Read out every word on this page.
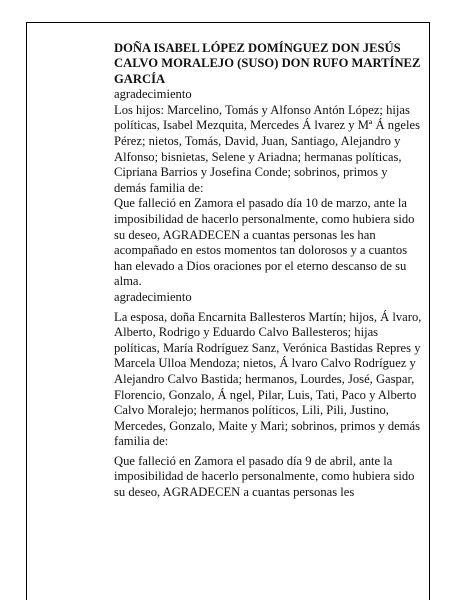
DOÑA ISABEL LÓPEZ DOMÍNGUEZ DON JESÚS CALVO MORALEJO (SUSO) DON RUFO MARTÍNEZ GARCÍA

agradecimiento

Los hijos: Marcelino, Tomás y Alfonso Antón López; hijas políticas, Isabel Mezquita, Mercedes Á lvarez y Mª Á ngeles Pérez; nietos, Tomás, David, Juan, Santiago, Alejandro y Alfonso; bisnietas, Selene y Ariadna; hermanas políticas, Cipriana Barrios y Josefina Conde; sobrinos, primos y demás familia de:

Que falleció en Zamora el pasado día 10 de marzo, ante la imposibilidad de hacerlo personalmente, como hubiera sido su deseo, AGRADECEN a cuantas personas les han acompañado en estos momentos tan dolorosos y a cuantos han elevado a Dios oraciones por el eterno descanso de su alma.

agradecimiento

La esposa, doña Encarnita Ballesteros Martín; hijos, Á lvaro, Alberto, Rodrigo y Eduardo Calvo Ballesteros; hijas políticas, María Rodríguez Sanz, Verónica Bastidas Repres y Marcela Ulloa Mendoza; nietos, Á lvaro Calvo Rodríguez y Alejandro Calvo Bastida; hermanos, Lourdes, José, Gaspar, Florencio, Gonzalo, Á ngel, Pilar, Luis, Tati, Paco y Alberto Calvo Moralejo; hermanos políticos, Lili, Pili, Justino, Mercedes, Gonzalo, Maite y Mari; sobrinos, primos y demás familia de:

Que falleció en Zamora el pasado día 9 de abril, ante la imposibilidad de hacerlo personalmente, como hubiera sido su deseo, AGRADECEN a cuantas personas les
